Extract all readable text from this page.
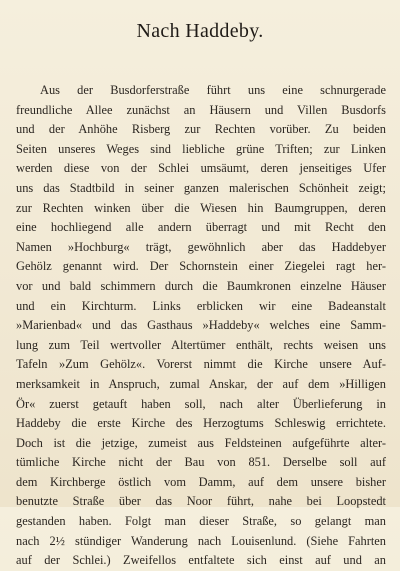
Nach Haddeby.
Aus der Busdorferstraße führt uns eine schnurgerade
freundliche Allee zunächst an Häusern und Villen Busdorfs
und der Anhöhe Risberg zur Rechten vorüber. Zu beiden
Seiten unseres Weges sind liebliche grüne Triften; zur Linken
werden diese von der Schlei umsäumt, deren jenseitiges Ufer
uns das Stadtbild in seiner ganzen malerischen Schönheit zeigt;
zur Rechten winken über die Wiesen hin Baumgruppen, deren
eine hochliegend alle andern überragt und mit Recht den
Namen »Hochburg« trägt, gewöhnlich aber das Haddebyer
Gehölz genannt wird. Der Schornstein einer Ziegelei ragt her-
vor und bald schimmern durch die Baumkronen einzelne Häuser
und ein Kirchturm. Links erblicken wir eine Badeanstalt
»Marienbad« und das Gasthaus »Haddeby« welches eine Samm-
lung zum Teil wertvoller Altertümer enthält, rechts weisen uns
Tafeln »Zum Gehölz«. Vorerst nimmt die Kirche unsere Auf-
merksamkeit in Anspruch, zumal Anskar, der auf dem »Hilligen
Ör« zuerst getauft haben soll, nach alter Überlieferung in
Haddeby die erste Kirche des Herzogtums Schleswig errichtete.
Doch ist die jetzige, zumeist aus Feldsteinen aufgeführte alter-
tümliche Kirche nicht der Bau von 851. Derselbe soll auf
dem Kirchberge östlich vom Damm, auf dem unsere bisher
benutzte Straße über das Noor führt, nahe bei Loopstedt
gestanden haben. Folgt man dieser Straße, so gelangt man
nach 2½ stündiger Wanderung nach Louisenlund. (Siehe Fahrten
auf der Schlei.) Zweifellos entfaltete sich einst auf und an
